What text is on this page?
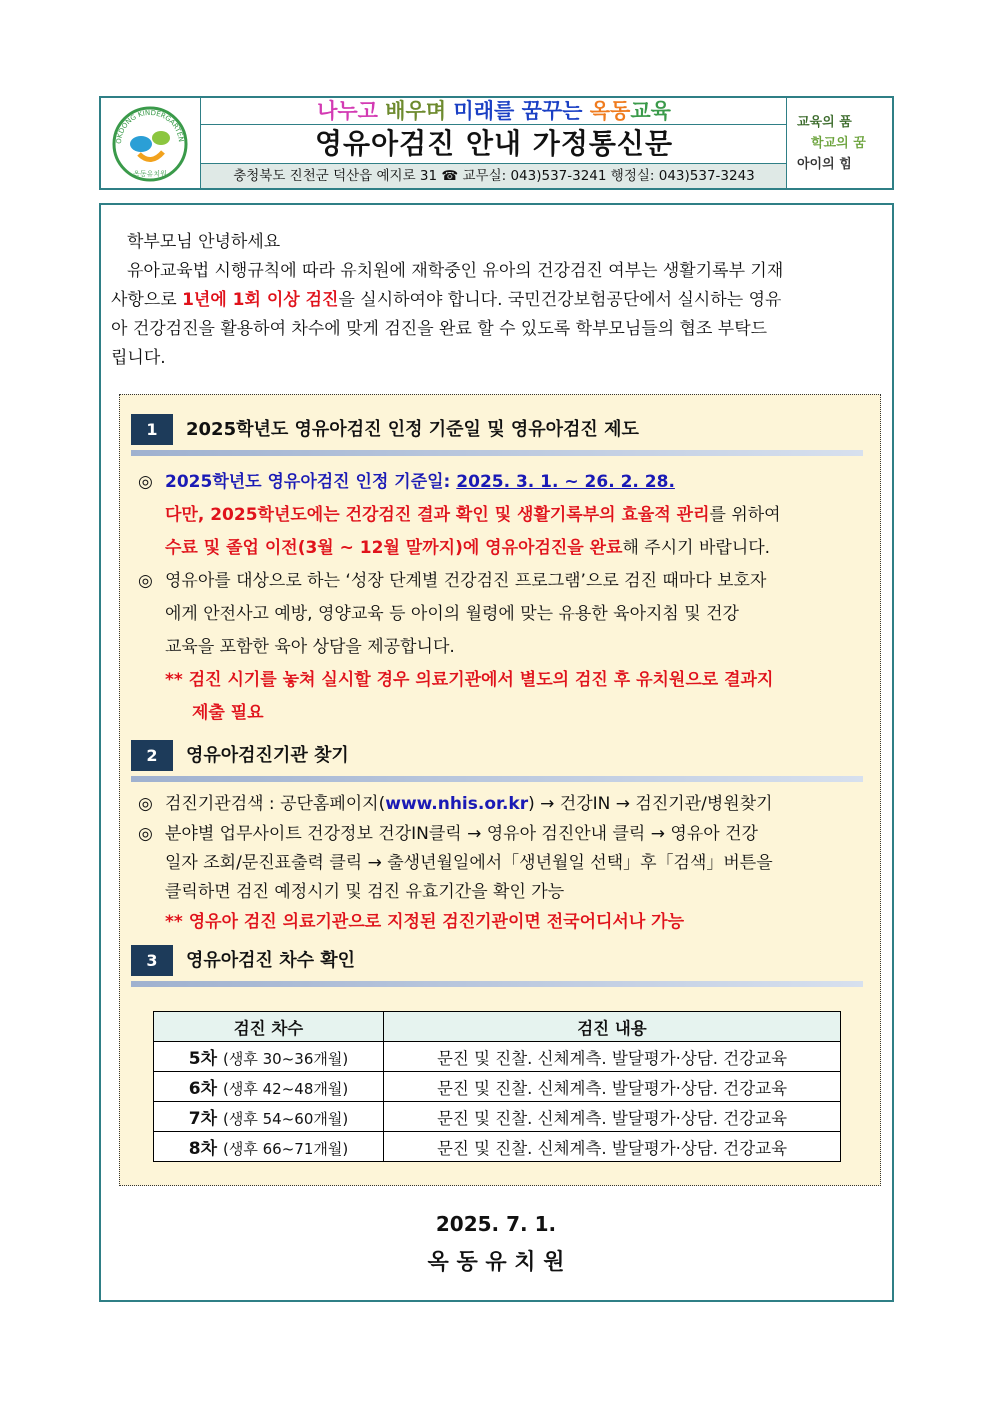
OKDONG KINDERGARTEN
옥동유치원
나누고 배우며 미래를 꿈꾸는 옥동교육
영유아검진 안내 가정통신문
충청북도 진천군 덕산읍 예지로 31 ☎ 교무실: 043)537-3241 행정실: 043)537-3243
교육의 품
학교의 꿈
아이의 힘
학부모님 안녕하세요
유아교육법 시행규칙에 따라 유치원에 재학중인 유아의 건강검진 여부는 생활기록부 기재
사항으로 1년에 1회 이상 검진을 실시하여야 합니다. 국민건강보험공단에서 실시하는 영유
아 건강검진을 활용하여 차수에 맞게 검진을 완료 할 수 있도록 학부모님들의 협조 부탁드
립니다.
1	2025학년도 영유아검진 인정 기준일 및 영유아검진 제도
◎ 2025학년도 영유아검진 인정 기준일: 2025. 3. 1. ~ 26. 2. 28.
다만, 2025학년도에는 건강검진 결과 확인 및 생활기록부의 효율적 관리를 위하여
수료 및 졸업 이전(3월 ~ 12월 말까지)에 영유아검진을 완료해 주시기 바랍니다.
◎ 영유아를 대상으로 하는 ‘성장 단계별 건강검진 프로그램’으로 검진 때마다 보호자
에게 안전사고 예방, 영양교육 등 아이의 월령에 맞는 유용한 육아지침 및 건강
교육을 포함한 육아 상담을 제공합니다.
** 검진 시기를 놓쳐 실시할 경우 의료기관에서 별도의 검진 후 유치원으로 결과지
제출 필요
2	영유아검진기관 찾기
◎ 검진기관검색 : 공단홈페이지(www.nhis.or.kr) → 건강IN → 검진기관/병원찾기
◎ 분야별 업무사이트 건강정보 건강IN클릭 → 영유아 검진안내 클릭 → 영유아 건강
일자 조회/문진표출력 클릭 → 출생년월일에서「생년월일 선택」후「검색」버튼을
클릭하면 검진 예정시기 및 검진 유효기간을 확인 가능
** 영유아 검진 의료기관으로 지정된 검진기관이면 전국어디서나 가능
3	영유아검진 차수 확인
검진 차수	검진 내용
5차 (생후 30~36개월)	문진 및 진찰. 신체계측. 발달평가·상담. 건강교육
6차 (생후 42~48개월)	문진 및 진찰. 신체계측. 발달평가·상담. 건강교육
7차 (생후 54~60개월)	문진 및 진찰. 신체계측. 발달평가·상담. 건강교육
8차 (생후 66~71개월)	문진 및 진찰. 신체계측. 발달평가·상담. 건강교육
2025. 7. 1.
옥 동 유 치 원
